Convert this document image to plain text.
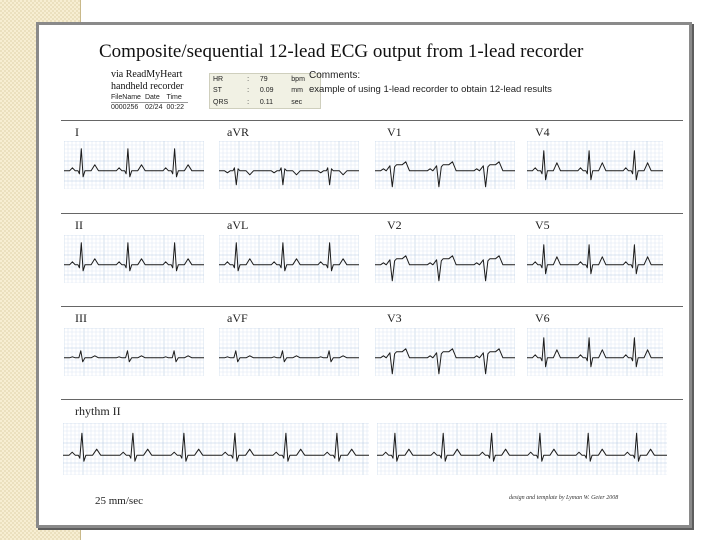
Composite/sequential 12-lead ECG output from 1-lead recorder
via ReadMyHeart
handheld recorder
FileName	Date	Time
0000256	02/24	00:22
HR	:	79	bpm
ST	:	0.09	mm
QRS	:	0.11	sec
Comments:
example of using 1-lead recorder to obtain 12-lead results
I	aVR	V1	V4
II	aVL	V2	V5
III	aVF	V3	V6
rhythm II
25 mm/sec	design and template by Lyman W. Geier 2008
